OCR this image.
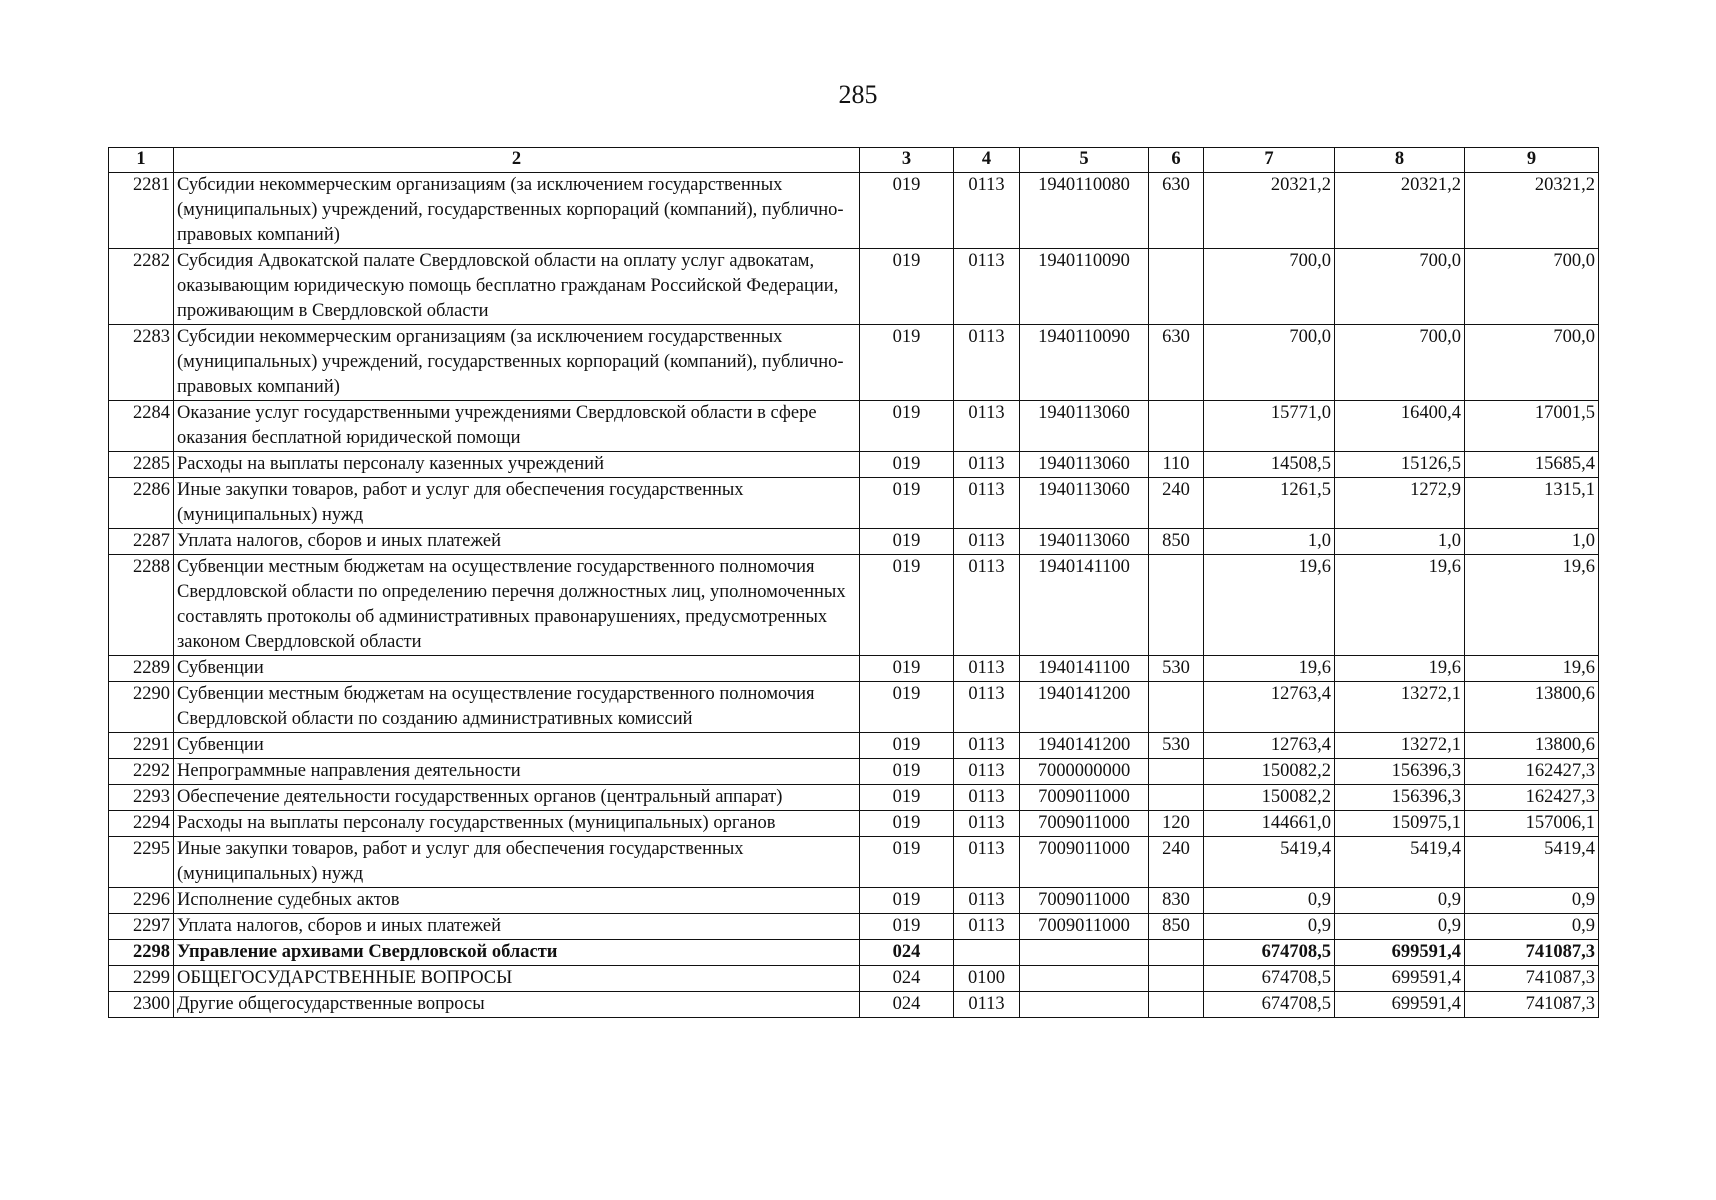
285
1	2	3	4	5	6	7	8	9
2281	Субсидии некоммерческим организациям (за исключением государственных (муниципальных) учреждений, государственных корпораций (компаний), публично-правовых компаний)	019	0113	1940110080	630	20321,2	20321,2	20321,2
2282	Субсидия Адвокатской палате Свердловской области на оплату услуг адвокатам, оказывающим юридическую помощь бесплатно гражданам Российской Федерации, проживающим в Свердловской области	019	0113	1940110090		700,0	700,0	700,0
2283	Субсидии некоммерческим организациям (за исключением государственных (муниципальных) учреждений, государственных корпораций (компаний), публично-правовых компаний)	019	0113	1940110090	630	700,0	700,0	700,0
2284	Оказание услуг государственными учреждениями Свердловской области в сфере оказания бесплатной юридической помощи	019	0113	1940113060		15771,0	16400,4	17001,5
2285	Расходы на выплаты персоналу казенных учреждений	019	0113	1940113060	110	14508,5	15126,5	15685,4
2286	Иные закупки товаров, работ и услуг для обеспечения государственных (муниципальных) нужд	019	0113	1940113060	240	1261,5	1272,9	1315,1
2287	Уплата налогов, сборов и иных платежей	019	0113	1940113060	850	1,0	1,0	1,0
2288	Субвенции местным бюджетам на осуществление государственного полномочия Свердловской области по определению перечня должностных лиц, уполномоченных составлять протоколы об административных правонарушениях, предусмотренных законом Свердловской области	019	0113	1940141100		19,6	19,6	19,6
2289	Субвенции	019	0113	1940141100	530	19,6	19,6	19,6
2290	Субвенции местным бюджетам на осуществление государственного полномочия Свердловской области по созданию административных комиссий	019	0113	1940141200		12763,4	13272,1	13800,6
2291	Субвенции	019	0113	1940141200	530	12763,4	13272,1	13800,6
2292	Непрограммные направления деятельности	019	0113	7000000000		150082,2	156396,3	162427,3
2293	Обеспечение деятельности государственных органов (центральный аппарат)	019	0113	7009011000		150082,2	156396,3	162427,3
2294	Расходы на выплаты персоналу государственных (муниципальных) органов	019	0113	7009011000	120	144661,0	150975,1	157006,1
2295	Иные закупки товаров, работ и услуг для обеспечения государственных (муниципальных) нужд	019	0113	7009011000	240	5419,4	5419,4	5419,4
2296	Исполнение судебных актов	019	0113	7009011000	830	0,9	0,9	0,9
2297	Уплата налогов, сборов и иных платежей	019	0113	7009011000	850	0,9	0,9	0,9
2298	Управление архивами Свердловской области	024				674708,5	699591,4	741087,3
2299	ОБЩЕГОСУДАРСТВЕННЫЕ ВОПРОСЫ	024	0100			674708,5	699591,4	741087,3
2300	Другие общегосударственные вопросы	024	0113			674708,5	699591,4	741087,3
